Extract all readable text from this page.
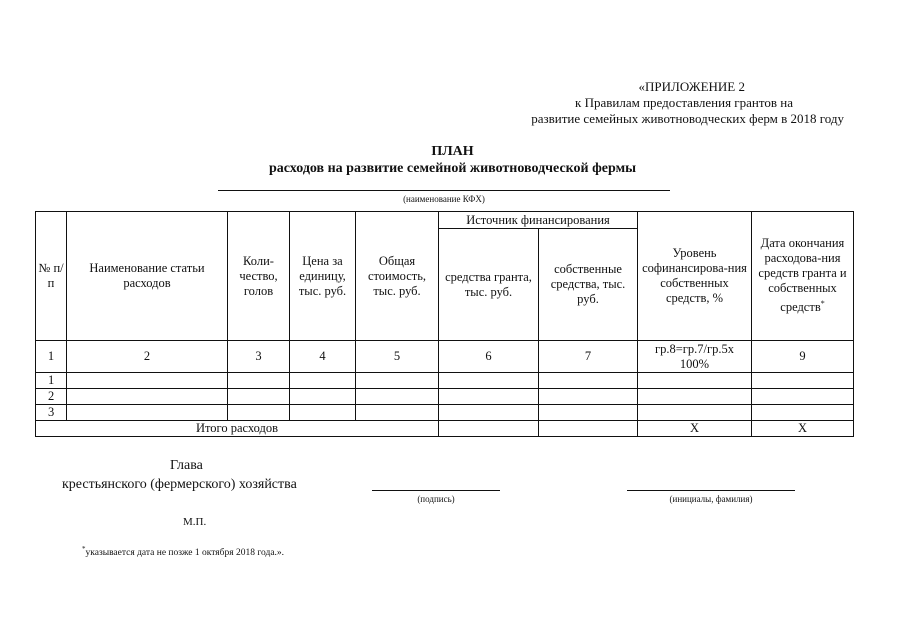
«ПРИЛОЖЕНИЕ 2
к Правилам предоставления грантов на
развитие семейных животноводческих ферм в 2018 году
ПЛАН
расходов на развитие семейной животноводческой фермы
(наименование КФХ)
№ п/п	Наименование статьи расходов	Коли-чество, голов	Цена за единицу, тыс. руб.	Общая стоимость, тыс. руб.	Источник финансирования		Уровень софинансирова-ния собственных средств, %	Дата окончания расходова-ния средств гранта и собственных средств*
					средства гранта, тыс. руб.	собственные средства, тыс. руб.		
1	2	3	4	5	6	7	гр.8=гр.7/гр.5х 100%	9
1								
2								
3								
Итого расходов							Х	Х
Глава
крестьянского (фермерского) хозяйства
(подпись)	(инициалы, фамилия)
М.П.
*указывается дата не позже 1 октября 2018 года.».
